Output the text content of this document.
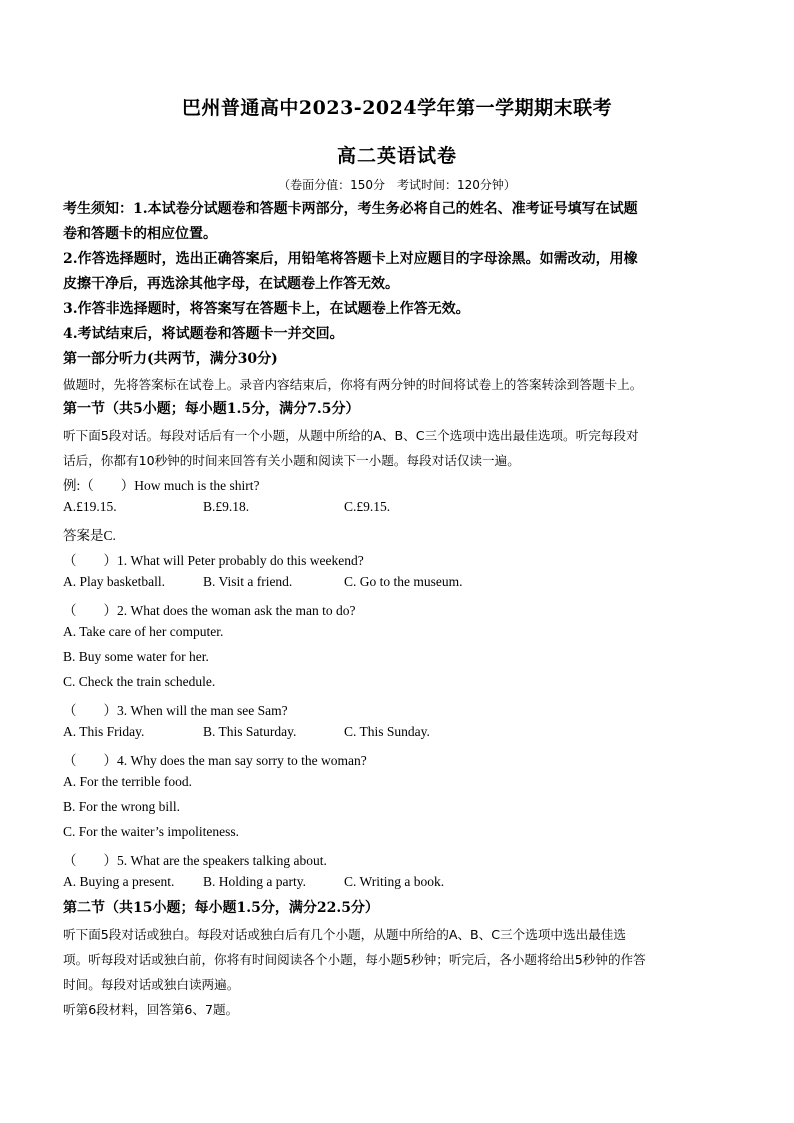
巴州普通高中2023-2024学年第一学期期末联考
高二英语试卷
（卷面分值：150分　考试时间：120分钟）
考生须知：1.本试卷分试题卷和答题卡两部分，考生务必将自己的姓名、准考证号填写在试题
卷和答题卡的相应位置。
2.作答选择题时，选出正确答案后，用铅笔将答题卡上对应题目的字母涂黑。如需改动，用橡
皮擦干净后，再选涂其他字母，在试题卷上作答无效。
3.作答非选择题时，将答案写在答题卡上，在试题卷上作答无效。
4.考试结束后，将试题卷和答题卡一并交回。
第一部分听力(共两节，满分30分)
做题时，先将答案标在试卷上。录音内容结束后，你将有两分钟的时间将试卷上的答案转涂到答题卡上。
第一节（共5小题；每小题1.5分，满分7.5分）
听下面5段对话。每段对话后有一个小题，从题中所给的A、B、C三个选项中选出最佳选项。听完每段对
话后，你都有10秒钟的时间来回答有关小题和阅读下一小题。每段对话仅读一遍。
例:（　　）How much is the shirt?
A.£19.15.	B.£9.18.	C.£9.15.
答案是C.
（　　）1. What will Peter probably do this weekend?
A. Play basketball.	B. Visit a friend.	C. Go to the museum.
（　　）2. What does the woman ask the man to do?
A. Take care of her computer.
B. Buy some water for her.
C. Check the train schedule.
（　　）3. When will the man see Sam?
A. This Friday.	B. This Saturday.	C. This Sunday.
（　　）4. Why does the man say sorry to the woman?
A. For the terrible food.
B. For the wrong bill.
C. For the waiter’s impoliteness.
（　　）5. What are the speakers talking about.
A. Buying a present. B. Holding a party.	C. Writing a book.
第二节（共15小题；每小题1.5分，满分22.5分）
听下面5段对话或独白。每段对话或独白后有几个小题，从题中所给的A、B、C三个选项中选出最佳选
项。听每段对话或独白前，你将有时间阅读各个小题，每小题5秒钟；听完后，各小题将给出5秒钟的作答
时间。每段对话或独白读两遍。
听第6段材料，回答第6、7题。
